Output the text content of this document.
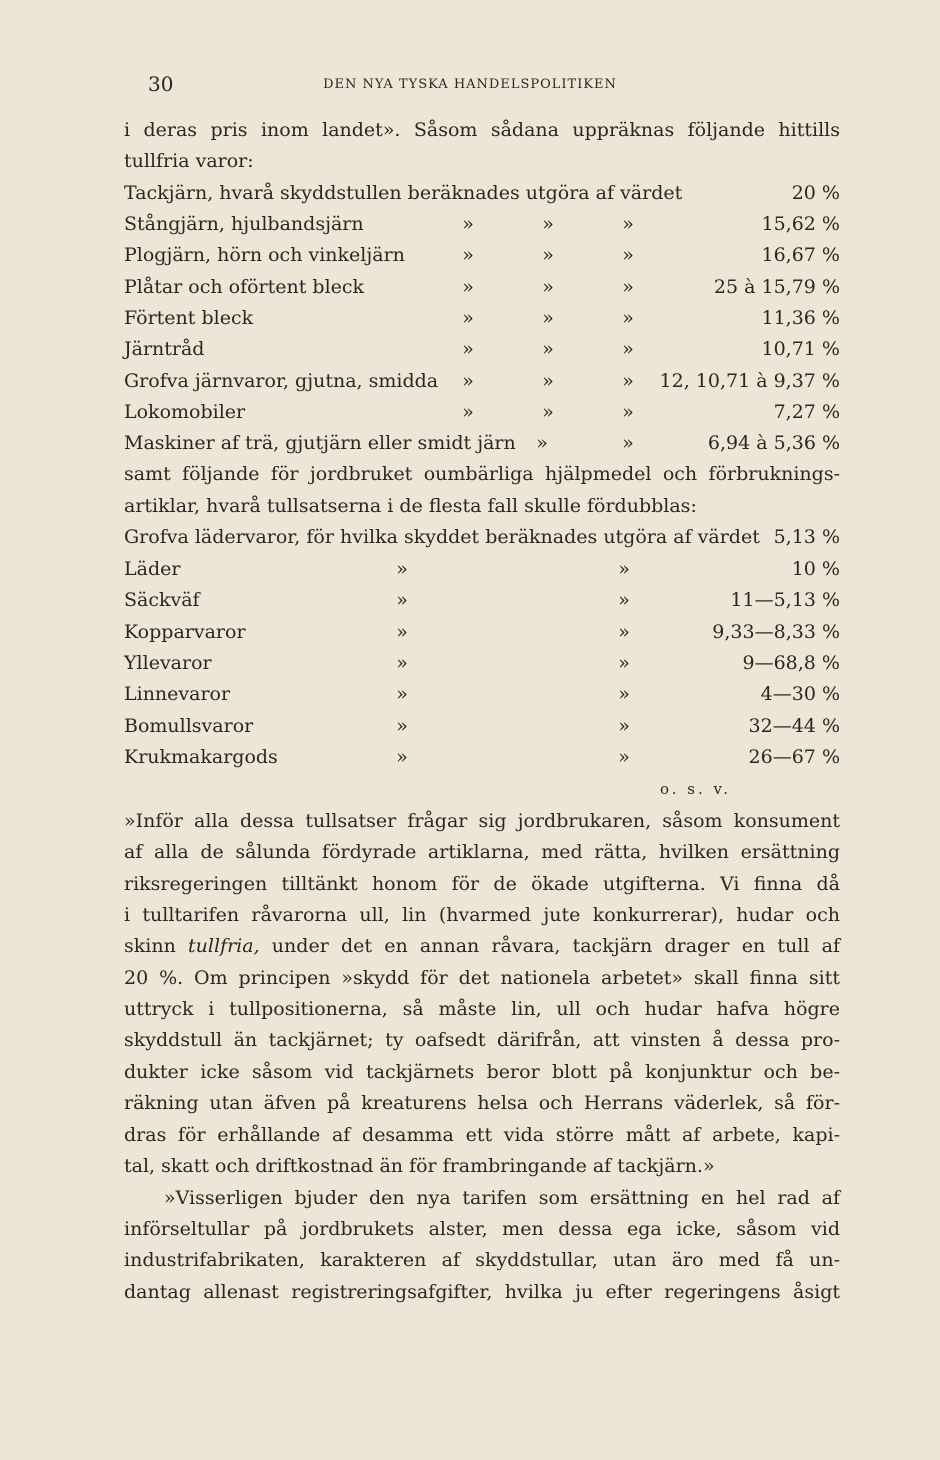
30	DEN NYA TYSKA HANDELSPOLITIKEN
i deras pris inom landet». Såsom sådana uppräknas följande hittills
tullfria varor:
Tackjärn, hvarå skyddstullen beräknades utgöra af värdet	20 %
Stångjärn, hjulbandsjärn	»	»	»	15,62 %
Plogjärn, hörn och vinkeljärn	»	»	»	16,67 %
Plåtar och oförtent bleck	»	»	»	25 à 15,79 %
Förtent bleck	»	»	»	11,36 %
Järntråd	»	»	»	10,71 %
Grofva järnvaror, gjutna, smidda »	»	» 12, 10,71 à 9,37 %
Lokomobiler	»	»	»	7,27 %
Maskiner af trä, gjutjärn eller smidt järn »	»	6,94 à 5,36 %
samt följande för jordbruket oumbärliga hjälpmedel och förbruknings-
artiklar, hvarå tullsatserna i de flesta fall skulle fördubblas:
Grofva lädervaror, för hvilka skyddet beräknades utgöra af värdet 5,13 %
Läder	»	»	10 %
Säckväf	»	»	11—5,13 %
Kopparvaror	»	»	9,33—8,33 %
Yllevaror	»	»	9—68,8 %
Linnevaror	»	»	4—30 %
Bomullsvaror	»	»	32—44 %
Krukmakargods	»	»	26—67 %
o. s. v.
»Inför alla dessa tullsatser frågar sig jordbrukaren, såsom konsument
af alla de sålunda fördyrade artiklarna, med rätta, hvilken ersättning
riksregeringen tilltänkt honom för de ökade utgifterna. Vi finna då
i tulltarifen råvarorna ull, lin (hvarmed jute konkurrerar), hudar och
skinn tullfria, under det en annan råvara, tackjärn drager en tull af
20 %. Om principen »skydd för det nationela arbetet» skall finna sitt
uttryck i tullpositionerna, så måste lin, ull och hudar hafva högre
skyddstull än tackjärnet; ty oafsedt därifrån, att vinsten å dessa pro-
dukter icke såsom vid tackjärnets beror blott på konjunktur och be-
räkning utan äfven på kreaturens helsa och Herrans väderlek, så för-
dras för erhållande af desamma ett vida större mått af arbete, kapi-
tal, skatt och driftkostnad än för frambringande af tackjärn.»
»Visserligen bjuder den nya tarifen som ersättning en hel rad af
införseltullar på jordbrukets alster, men dessa ega icke, såsom vid
industrifabrikaten, karakteren af skyddstullar, utan äro med få un-
dantag allenast registreringsafgifter, hvilka ju efter regeringens åsigt
